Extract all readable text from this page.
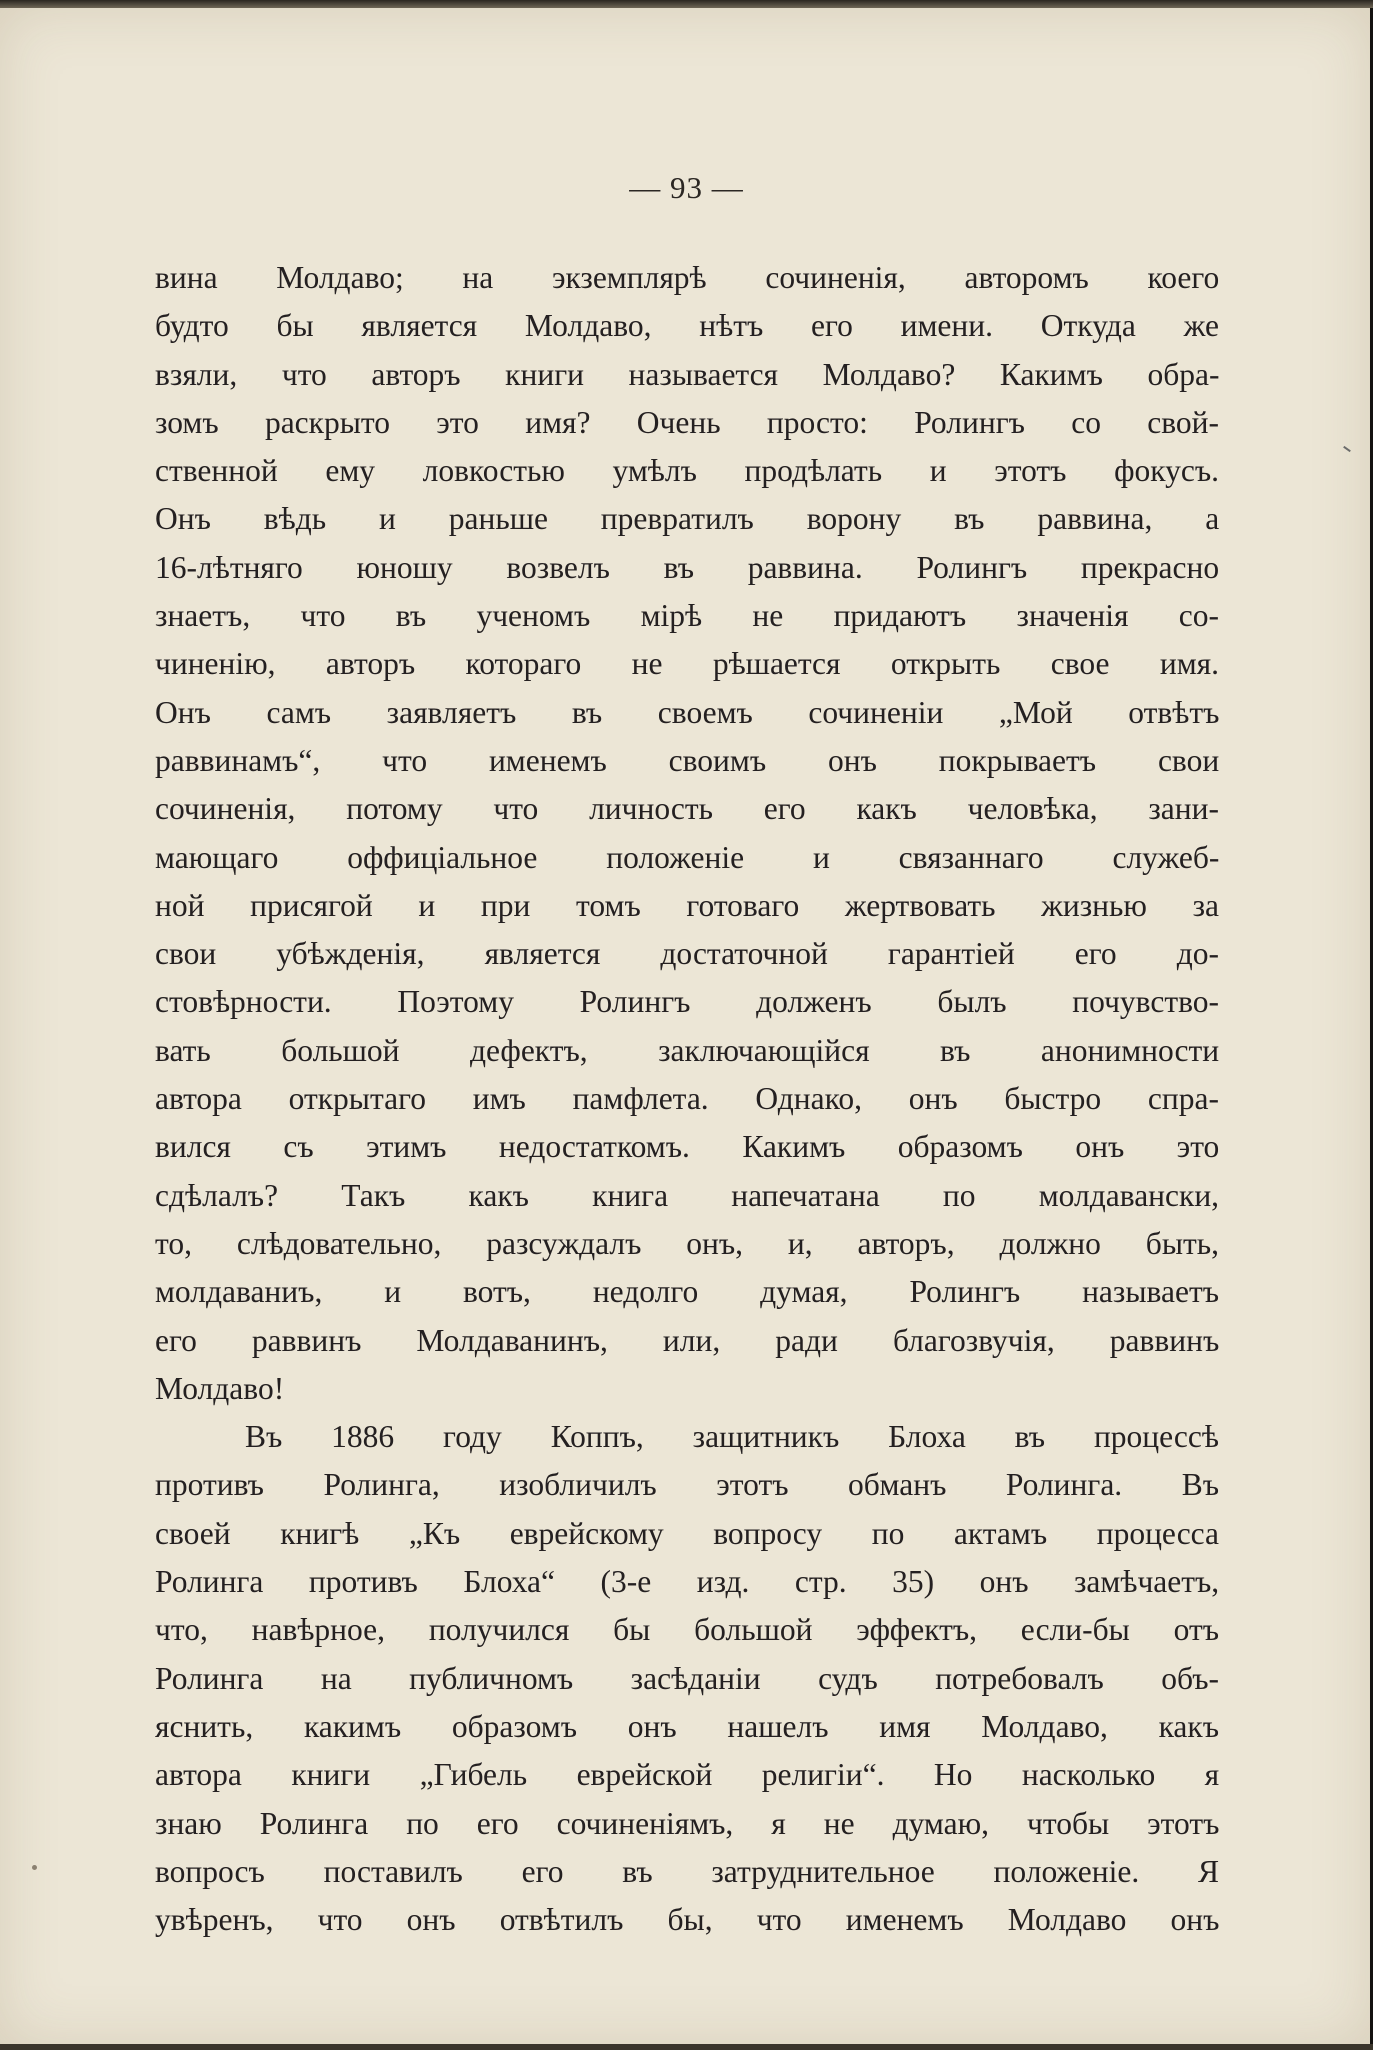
— 93 —
вина Молдаво; на экземплярѣ сочиненія, авторомъ коего
будто бы является Молдаво, нѣтъ его имени. Откуда же
взяли, что авторъ книги называется Молдаво? Какимъ обра-
зомъ раскрыто это имя? Очень просто: Ролингъ со свой-
ственной ему ловкостью умѣлъ продѣлать и этотъ фокусъ.
Онъ вѣдь и раньше превратилъ ворону въ раввина, а
16-лѣтняго юношу возвелъ въ раввина. Ролингъ прекрасно
знаетъ, что въ ученомъ мірѣ не придаютъ значенія со-
чиненію, авторъ котораго не рѣшается открыть свое имя.
Онъ самъ заявляетъ въ своемъ сочиненіи „Мой отвѣтъ
раввинамъ“, что именемъ своимъ онъ покрываетъ свои
сочиненія, потому что личность его какъ человѣка, зани-
мающаго оффиціальное положеніе и связаннаго служеб-
ной присягой и при томъ готоваго жертвовать жизнью за
свои убѣжденія, является достаточной гарантіей его до-
стовѣрности. Поэтому Ролингъ долженъ былъ почувство-
вать большой дефектъ, заключающійся въ анонимности
автора открытаго имъ памфлета. Однако, онъ быстро спра-
вился съ этимъ недостаткомъ. Какимъ образомъ онъ это
сдѣлалъ? Такъ какъ книга напечатана по молдавански,
то, слѣдовательно, разсуждалъ онъ, и, авторъ, должно быть,
молдаваниъ, и вотъ, недолго думая, Ролингъ называетъ
его раввинъ Молдаванинъ, или, ради благозвучія, раввинъ
Молдаво!
Въ 1886 году Коппъ, защитникъ Блоха въ процессѣ
противъ Ролинга, изобличилъ этотъ обманъ Ролинга. Въ
своей книгѣ „Къ еврейскому вопросу по актамъ процесса
Ролинга противъ Блоха“ (3-е изд. стр. 35) онъ замѣчаетъ,
что, навѣрное, получился бы большой эффектъ, если-бы отъ
Ролинга на публичномъ засѣданіи судъ потребовалъ объ-
яснить, какимъ образомъ онъ нашелъ имя Молдаво, какъ
автора книги „Гибель еврейской религіи“. Но насколько я
знаю Ролинга по его сочиненіямъ, я не думаю, чтобы этотъ
вопросъ поставилъ его въ затруднительное положеніе. Я
увѣренъ, что онъ отвѣтилъ бы, что именемъ Молдаво онъ
